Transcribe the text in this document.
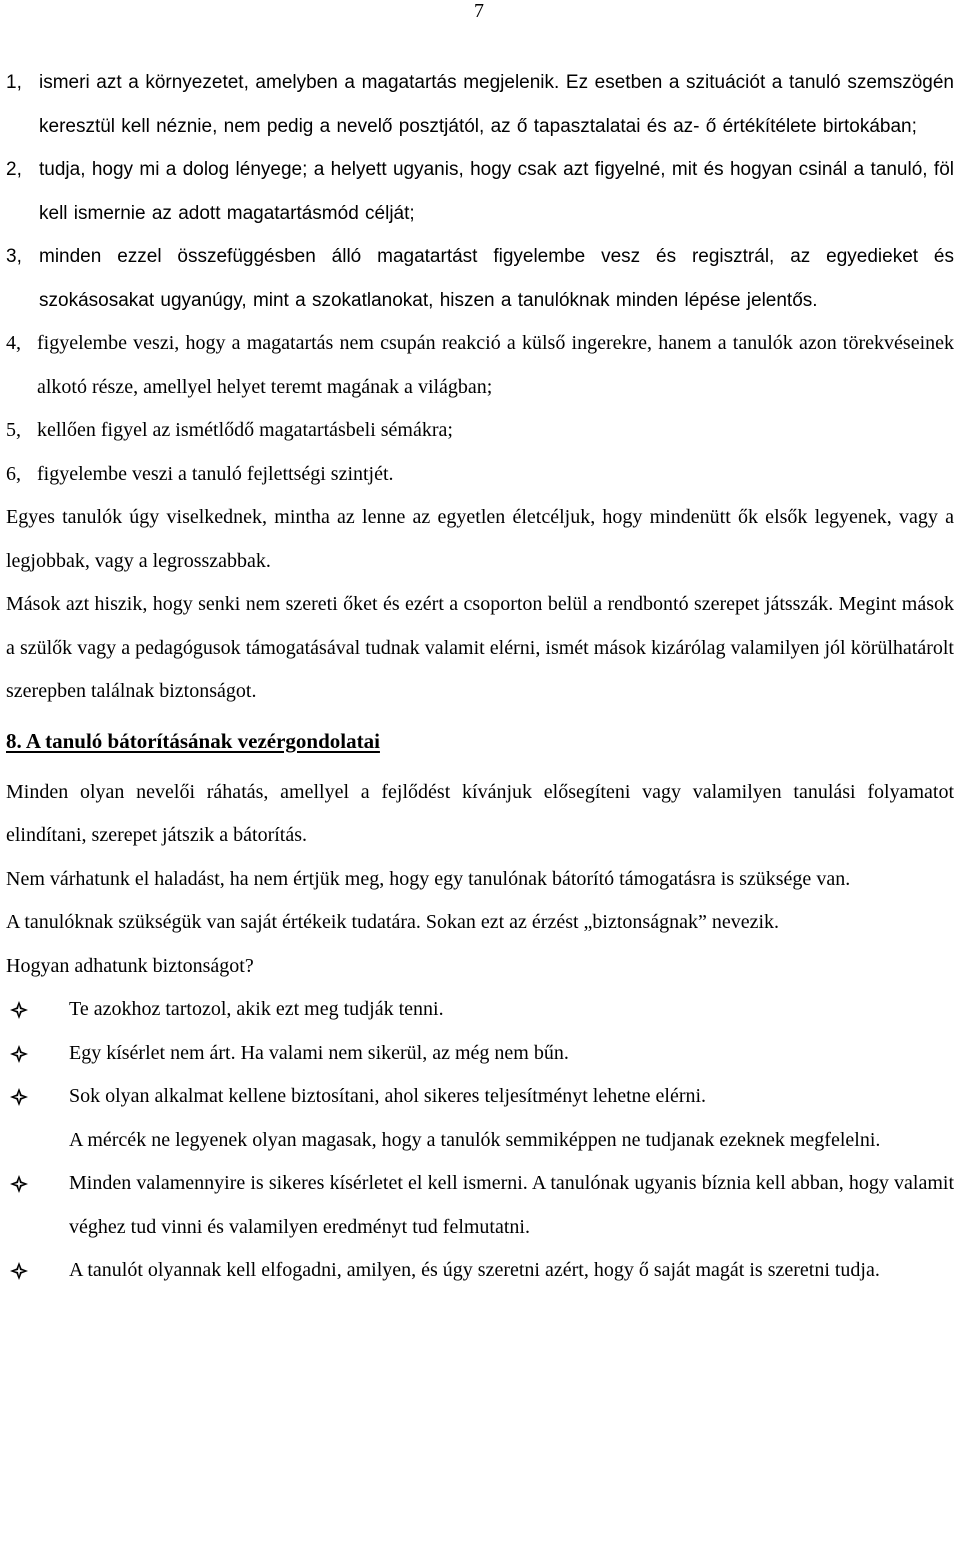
7
1, ismeri azt a környezetet, amelyben a magatartás megjelenik. Ez esetben a szituációt a tanuló szemszögén keresztül kell néznie, nem pedig a nevelő posztjától, az ő tapasztalatai és az- ő értékítélete birtokában;
2, tudja, hogy mi a dolog lényege; a helyett ugyanis, hogy csak azt figyelné, mit és hogyan csinál a tanuló, föl kell ismernie az adott magatartásmód célját;
3, minden ezzel összefüggésben álló magatartást figyelembe vesz és regisztrál, az egyedieket és szokásosakat ugyanúgy, mint a szokatlanokat, hiszen a tanulóknak minden lépése jelentős.
4, figyelembe veszi, hogy a magatartás nem csupán reakció a külső ingerekre, hanem a tanulók azon törekvéseinek alkotó része, amellyel helyet teremt magának a világban;
5, kellően figyel az ismétlődő magatartásbeli sémákra;
6, figyelembe veszi a tanuló fejlettségi szintjét.

Egyes tanulók úgy viselkednek, mintha az lenne az egyetlen életcéljuk, hogy mindenütt ők elsők legyenek, vagy a legjobbak, vagy a legrosszabbak.

Mások azt hiszik, hogy senki nem szereti őket és ezért a csoporton belül a rendbontó szerepet játsszák. Megint mások a szülők vagy a pedagógusok támogatásával tudnak valamit elérni, ismét mások kizárólag valamilyen jól körülhatárolt szerepben találnak biztonságot.

8. A tanuló bátorításának vezérgondolatai

Minden olyan nevelői ráhatás, amellyel a fejlődést kívánjuk elősegíteni vagy valamilyen tanulási folyamatot elindítani, szerepet játszik a bátorítás.

Nem várhatunk el haladást, ha nem értjük meg, hogy egy tanulónak bátorító támogatásra is szüksége van.

A tanulóknak szükségük van saját értékeik tudatára. Sokan ezt az érzést „biztonságnak” nevezik.

Hogyan adhatunk biztonságot?

Te azokhoz tartozol, akik ezt meg tudják tenni.
Egy kísérlet nem árt. Ha valami nem sikerül, az még nem bűn.
Sok olyan alkalmat kellene biztosítani, ahol sikeres teljesítményt lehetne elérni.
A mércék ne legyenek olyan magasak, hogy a tanulók semmiképpen ne tudjanak ezeknek megfelelni.
Minden valamennyire is sikeres kísérletet el kell ismerni. A tanulónak ugyanis bíznia kell abban, hogy valamit véghez tud vinni és valamilyen eredményt tud felmutatni.
A tanulót olyannak kell elfogadni, amilyen, és úgy szeretni azért, hogy ő saját magát is szeretni tudja.
